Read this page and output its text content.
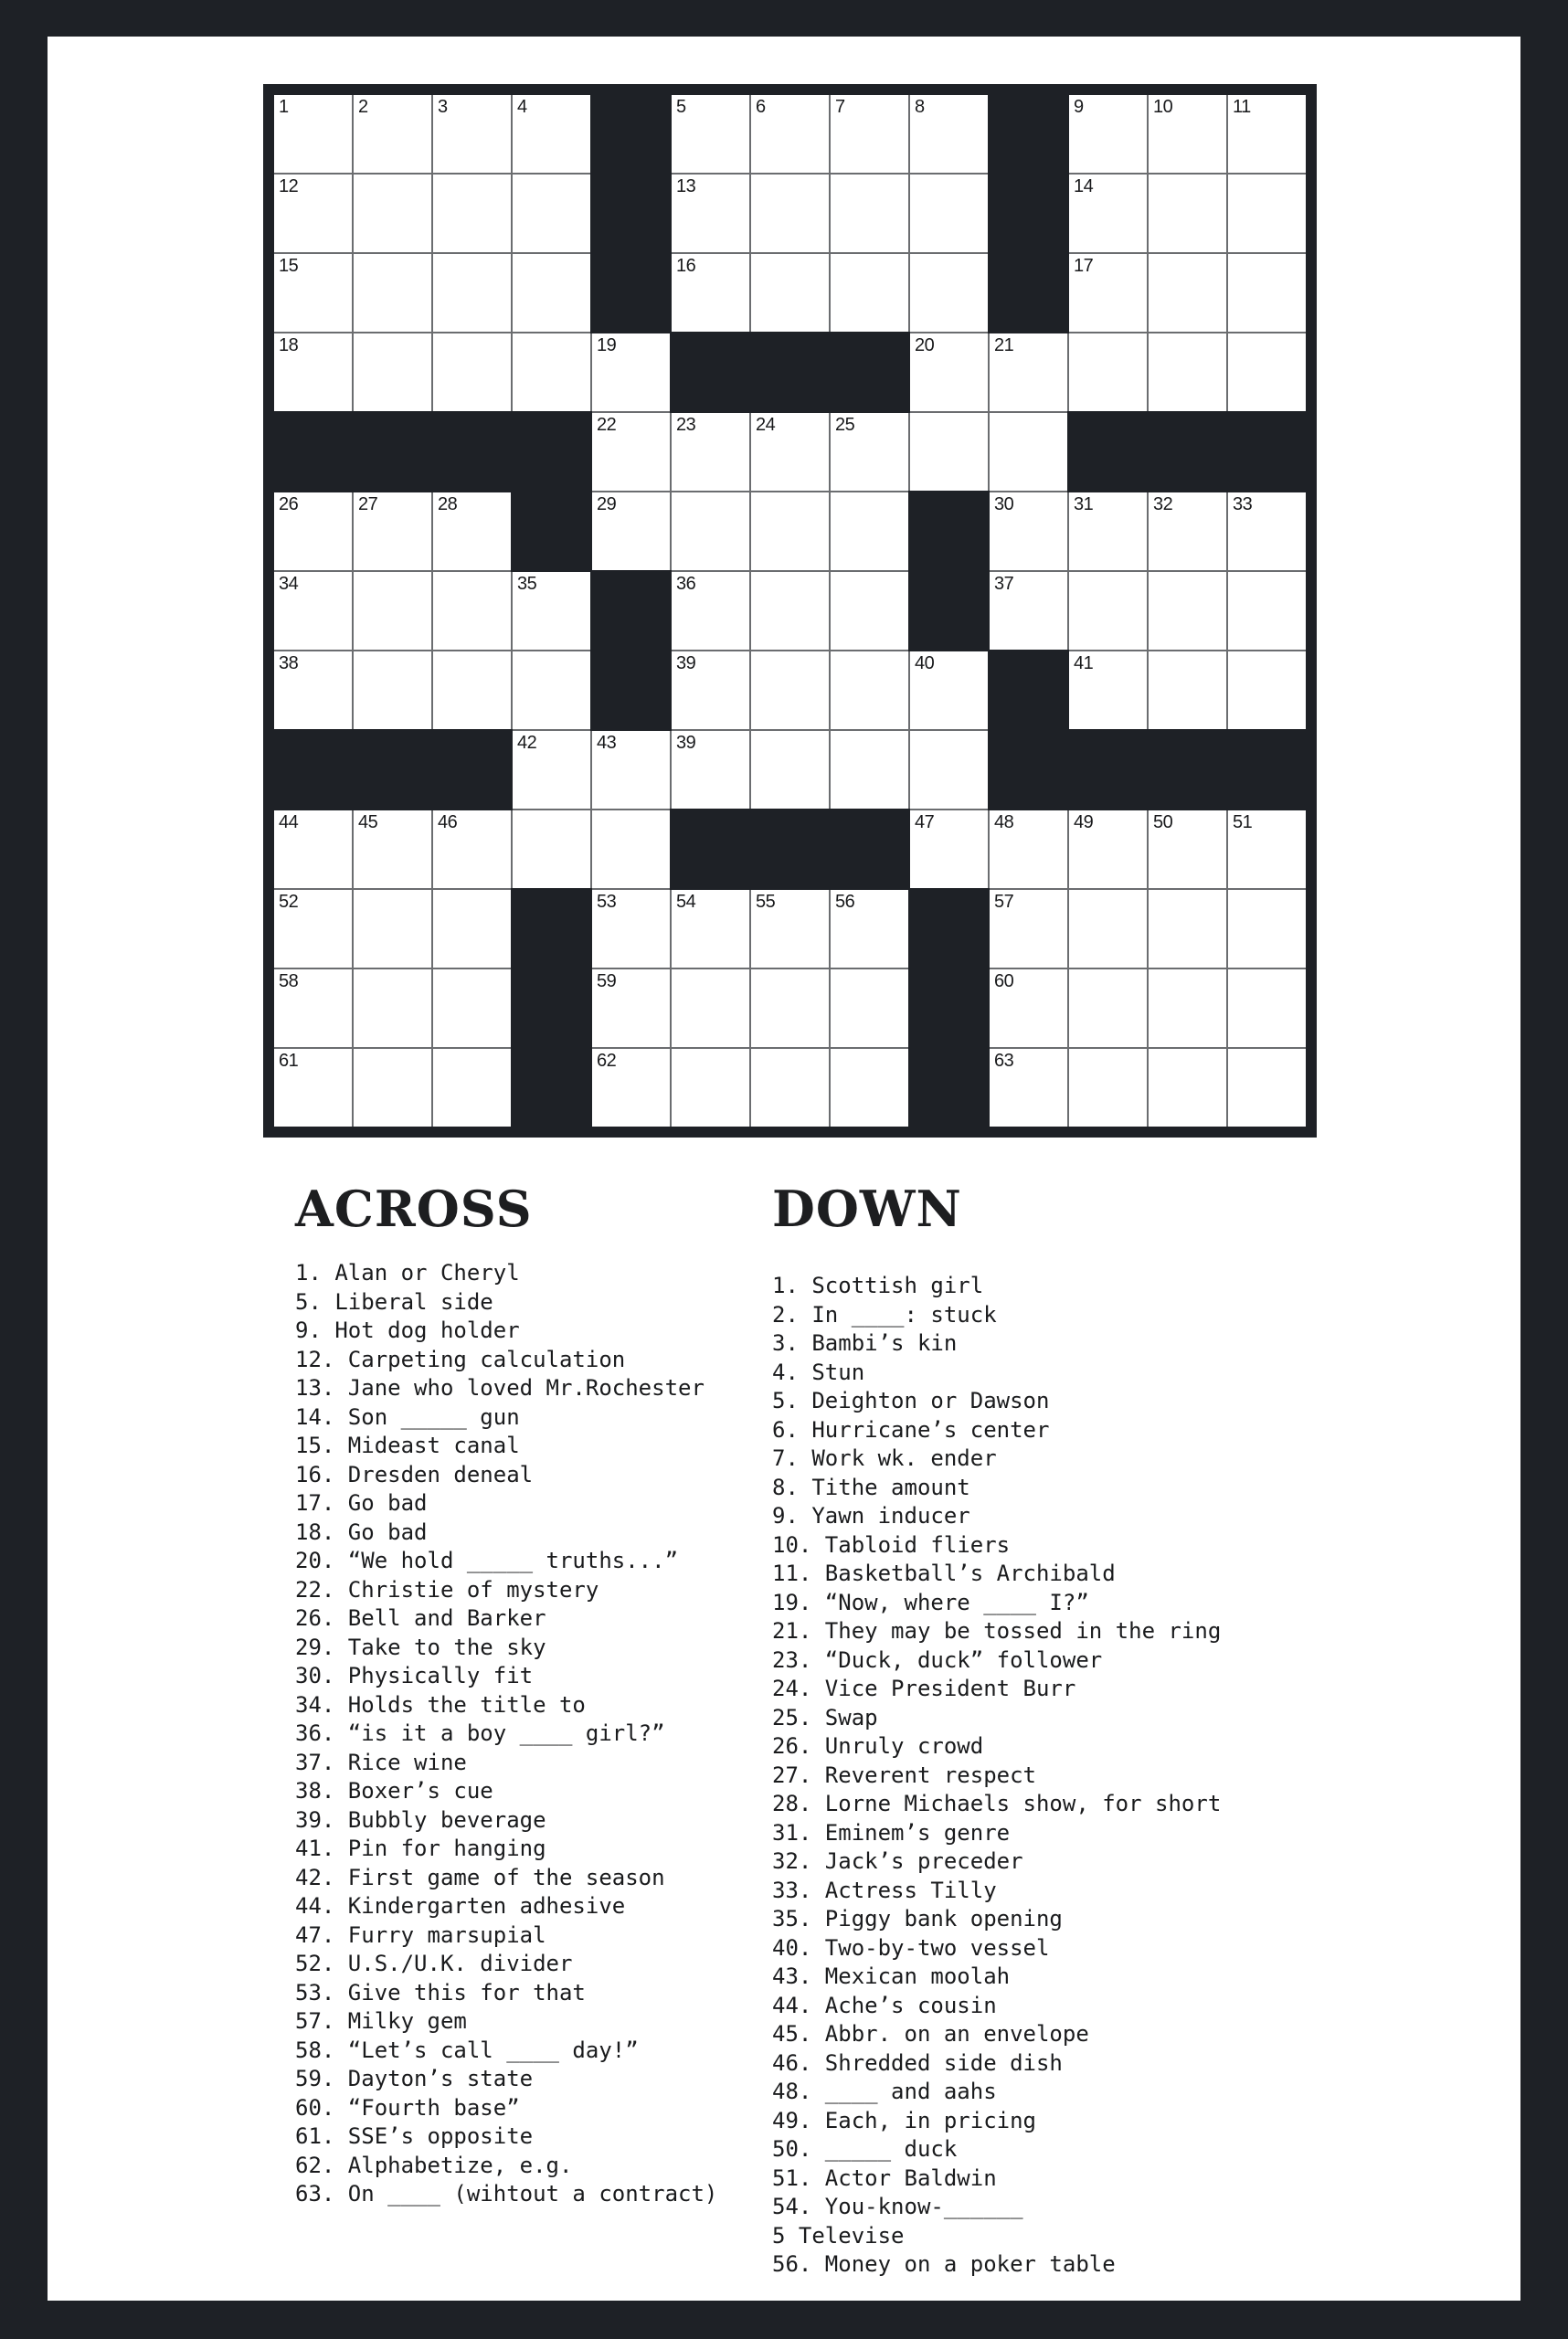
1	2	3	4	5	6	7	8	9	10	11
12	13	14
15	16	17
18	19	20	21
22	23	24	25
26	27	28	29	30	31	32	33
34	35	36	37
38	39	40	41
42	43	39
44	45	46	47	48	49	50	51
52	53	54	55	56	57
58	59	60
61	62	63
ACROSS
1. Alan or Cheryl
5. Liberal side
9. Hot dog holder
12. Carpeting calculation
13. Jane who loved Mr.Rochester
14. Son _____ gun
15. Mideast canal
16. Dresden deneal
17. Go bad
18. Go bad
20. “We hold _____ truths...”
22. Christie of mystery
26. Bell and Barker
29. Take to the sky
30. Physically fit
34. Holds the title to
36. “is it a boy ____ girl?”
37. Rice wine
38. Boxer’s cue
39. Bubbly beverage
41. Pin for hanging
42. First game of the season
44. Kindergarten adhesive
47. Furry marsupial
52. U.S./U.K. divider
53. Give this for that
57. Milky gem
58. “Let’s call ____ day!”
59. Dayton’s state
60. “Fourth base”
61. SSE’s opposite
62. Alphabetize, e.g.
63. On ____ (wihtout a contract)
DOWN
1. Scottish girl
2. In ____: stuck
3. Bambi’s kin
4. Stun
5. Deighton or Dawson
6. Hurricane’s center
7. Work wk. ender
8. Tithe amount
9. Yawn inducer
10. Tabloid fliers
11. Basketball’s Archibald
19. “Now, where ____ I?”
21. They may be tossed in the ring
23. “Duck, duck” follower
24. Vice President Burr
25. Swap
26. Unruly crowd
27. Reverent respect
28. Lorne Michaels show, for short
31. Eminem’s genre
32. Jack’s preceder
33. Actress Tilly
35. Piggy bank opening
40. Two-by-two vessel
43. Mexican moolah
44. Ache’s cousin
45. Abbr. on an envelope
46. Shredded side dish
48. ____ and aahs
49. Each, in pricing
50. _____ duck
51. Actor Baldwin
54. You-know-______
5 Televise
56. Money on a poker table
